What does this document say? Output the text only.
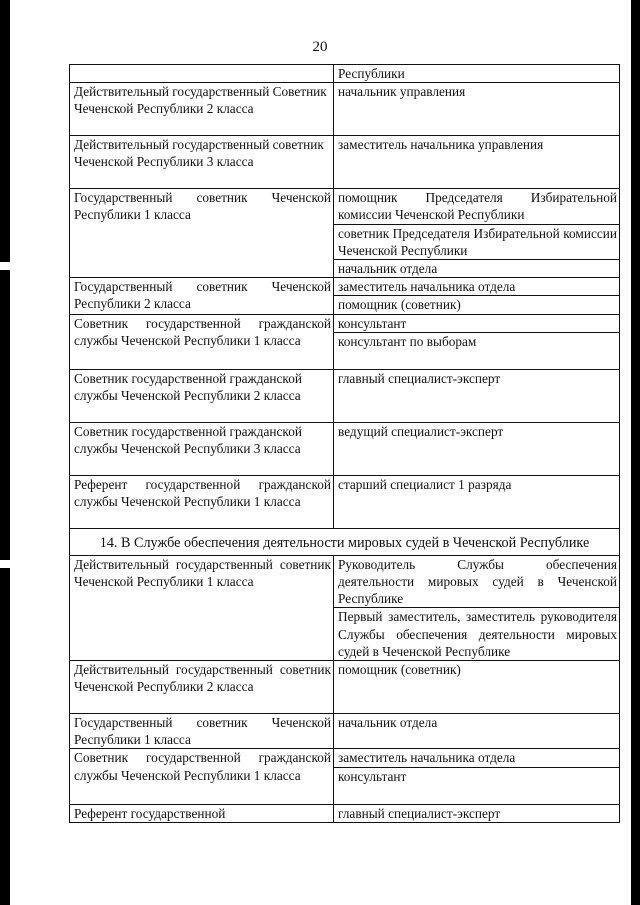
20
	Республики
Действительный государственный Советник Чеченской Республики 2 класса	начальник управления
Действительный государственный советник Чеченской Республики 3 класса	заместитель начальника управления
Государственный советник Чеченской Республики 1 класса	помощник Председателя Избирательной комиссии Чеченской Республики
	советник Председателя Избирательной комиссии Чеченской Республики
	начальник отдела
Государственный советник Чеченской Республики 2 класса	заместитель начальника отдела
	помощник (советник)
Советник государственной гражданской службы Чеченской Республики 1 класса	консультант
	консультант по выборам
Советник государственной гражданской службы Чеченской Республики 2 класса	главный специалист-эксперт
Советник государственной гражданской службы Чеченской Республики 3 класса	ведущий специалист-эксперт
Референт государственной гражданской службы Чеченской Республики 1 класса	старший специалист 1 разряда
14. В Службе обеспечения деятельности мировых судей в Чеченской Республике	
Действительный государственный советник Чеченской Республики 1 класса	Руководитель Службы обеспечения деятельности мировых судей в Чеченской Республике
	Первый заместитель, заместитель руководителя Службы обеспечения деятельности мировых судей в Чеченской Республике
Действительный государственный советник Чеченской Республики 2 класса	помощник (советник)
Государственный советник Чеченской Республики 1 класса	начальник отдела
Советник государственной гражданской службы Чеченской Республики 1 класса	заместитель начальника отдела
	консультант
Референт государственной	главный специалист-эксперт
